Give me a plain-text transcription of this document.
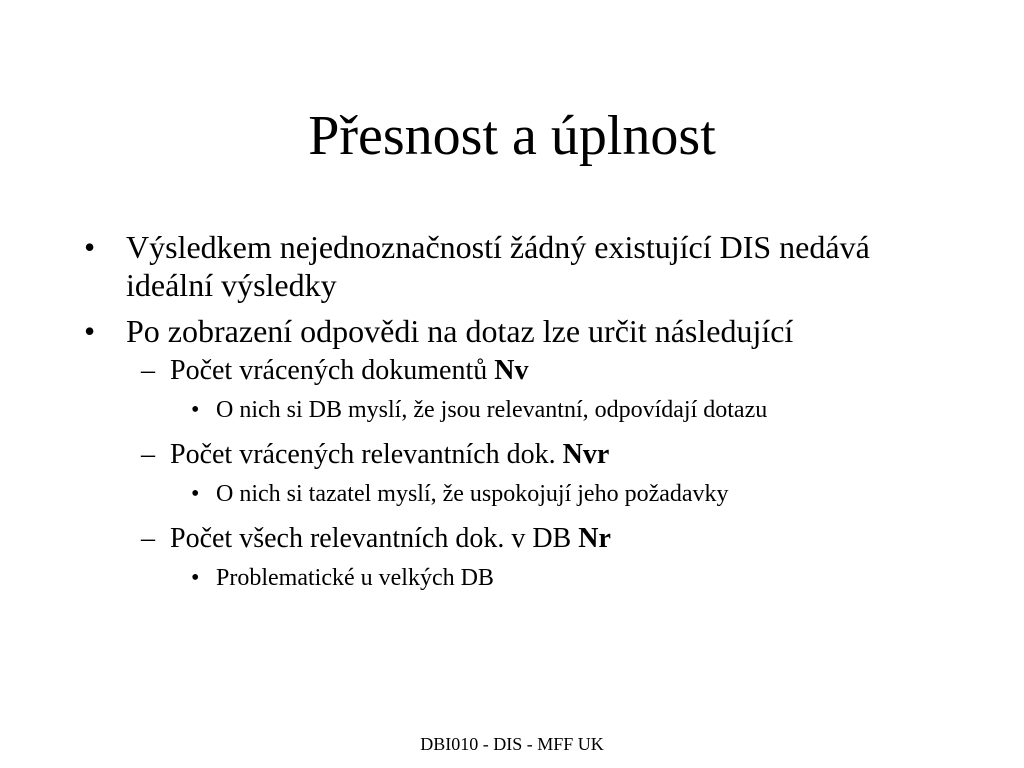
Přesnost a úplnost
• Výsledkem nejednoznačností žádný existující DIS nedává ideální výsledky
• Po zobrazení odpovědi na dotaz lze určit následující
– Počet vrácených dokumentů Nv
• O nich si DB myslí, že jsou relevantní, odpovídají dotazu
– Počet vrácených relevantních dok. Nvr
• O nich si tazatel myslí, že uspokojují jeho požadavky
– Počet všech relevantních dok. v DB Nr
• Problematické u velkých DB
DBI010 - DIS - MFF UK
